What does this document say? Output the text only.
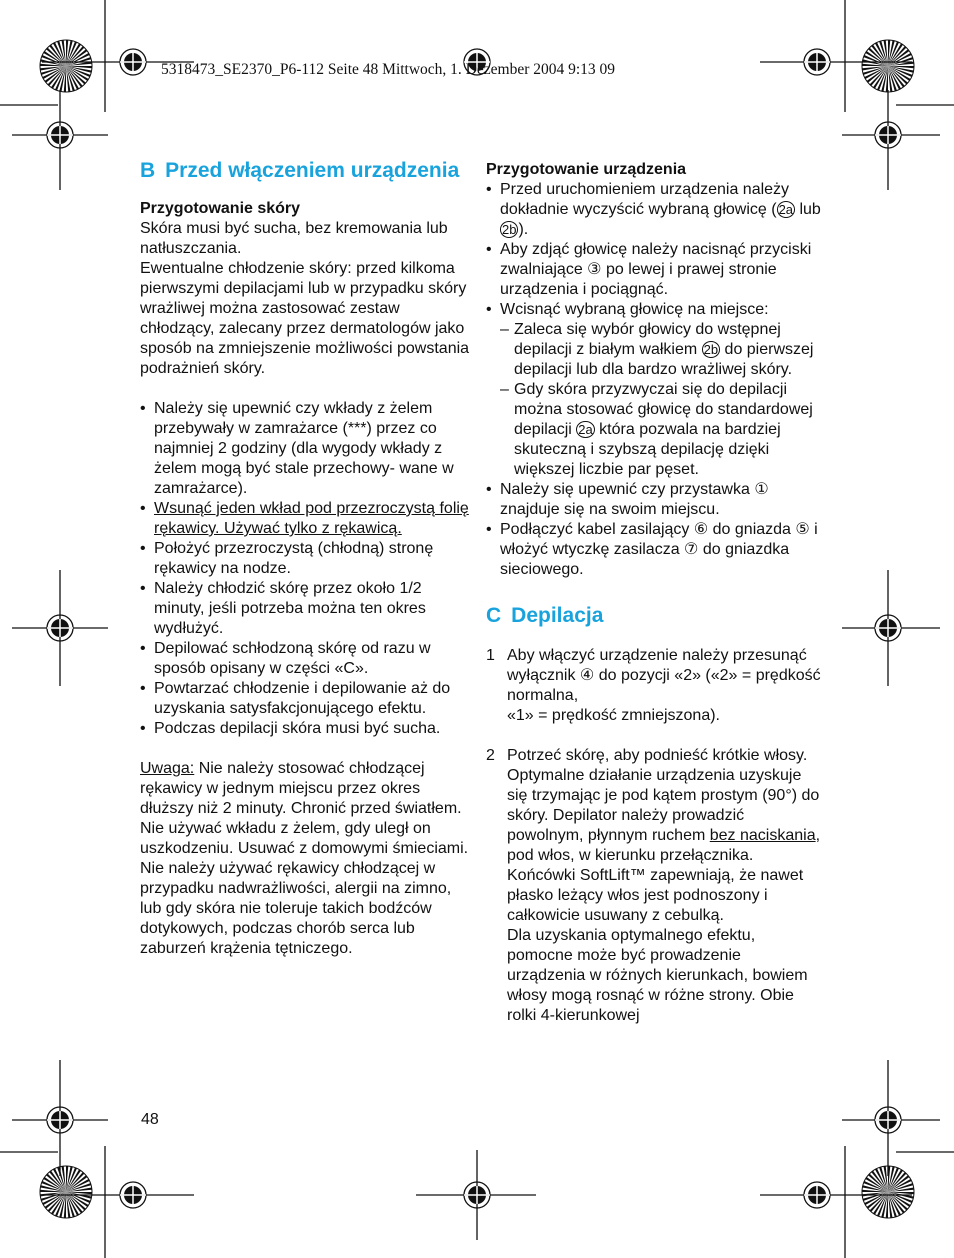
5318473_SE2370_P6-112 Seite 48 Mittwoch, 1. Dezember 2004 9:13 09
B Przed włączeniem urządzenia

Przygotowanie skóry

Skóra musi być sucha, bez kremowania lub natłuszczania.

Ewentualne chłodzenie skóry: przed kilkoma pierwszymi depilacjami lub w przypadku skóry wrażliwej można zastosować zestaw chłodzący, zalecany przez dermatologów jako sposób na zmniejszenie możliwości powstania podrażnień skóry.

• Należy się upewnić czy wkłady z żelem przebywały w zamrażarce (***) przez co najmniej 2 godziny (dla wygody wkłady z żelem mogą być stale przechowy- wane w zamrażarce).
• Wsunąć jeden wkład pod przezroczystą folię rękawicy. Używać tylko z rękawicą.
• Położyć przezroczystą (chłodną) stronę rękawicy na nodze.
• Należy chłodzić skórę przez około 1/2 minuty, jeśli potrzeba można ten okres wydłużyć.
• Depilować schłodzoną skórę od razu w sposób opisany w części «C».
• Powtarzać chłodzenie i depilowanie aż do uzyskania satysfakcjonującego efektu.
• Podczas depilacji skóra musi być sucha.

Uwaga: Nie należy stosować chłodzącej rękawicy w jednym miejscu przez okres dłuższy niż 2 minuty. Chronić przed światłem. Nie używać wkładu z żelem, gdy uległ on uszkodzeniu. Usuwać z domowymi śmieciami. Nie należy używać rękawicy chłodzącej w przypadku nadwrażliwości, alergii na zimno, lub gdy skóra nie toleruje takich bodźców dotykowych, podczas chorób serca lub zaburzeń krążenia tętniczego.

Przygotowanie urządzenia

• Przed uruchomieniem urządzenia należy dokładnie wyczyścić wybraną głowicę ( 2a lub 2b ).
• Aby zdjąć głowicę należy nacisnąć przyciski zwalniające ③ po lewej i prawej stronie urządzenia i pociągnąć.
• Wcisnąć wybraną głowicę na miejsce:
– Zaleca się wybór głowicy do wstępnej depilacji z białym wałkiem 2b do pierwszej depilacji lub dla bardzo wrażliwej skóry.
– Gdy skóra przyzwyczai się do depilacji można stosować głowicę do standardowej depilacji 2a która pozwala na bardziej skuteczną i szybszą depilację dzięki większej liczbie par pęset.
• Należy się upewnić czy przystawka ① znajduje się na swoim miejscu.
• Podłączyć kabel zasilający ⑥ do gniazda ⑤ i włożyć wtyczkę zasilacza ⑦ do gniazdka sieciowego.
C Depilacja
1 Aby włączyć urządzenie należy przesunąć wyłącznik ④ do pozycji «2» («2» = prędkość normalna,
«1» = prędkość zmniejszona).
2 Potrzeć skórę, aby podnieść krótkie włosy. Optymalne działanie urządzenia uzyskuje się trzymając je pod kątem prostym (90°) do skóry. Depilator należy prowadzić powolnym, płynnym ruchem bez naciskania, pod włos, w kierunku przełącznika. Końcówki SoftLift™ zapewniają, że nawet płasko leżący włos jest podnoszony i całkowicie usuwany z cebulką.
Dla uzyskania optymalnego efektu, pomocne może być prowadzenie urządzenia w różnych kierunkach, bowiem włosy mogą rosnąć w różne strony. Obie rolki 4-kierunkowej
48
